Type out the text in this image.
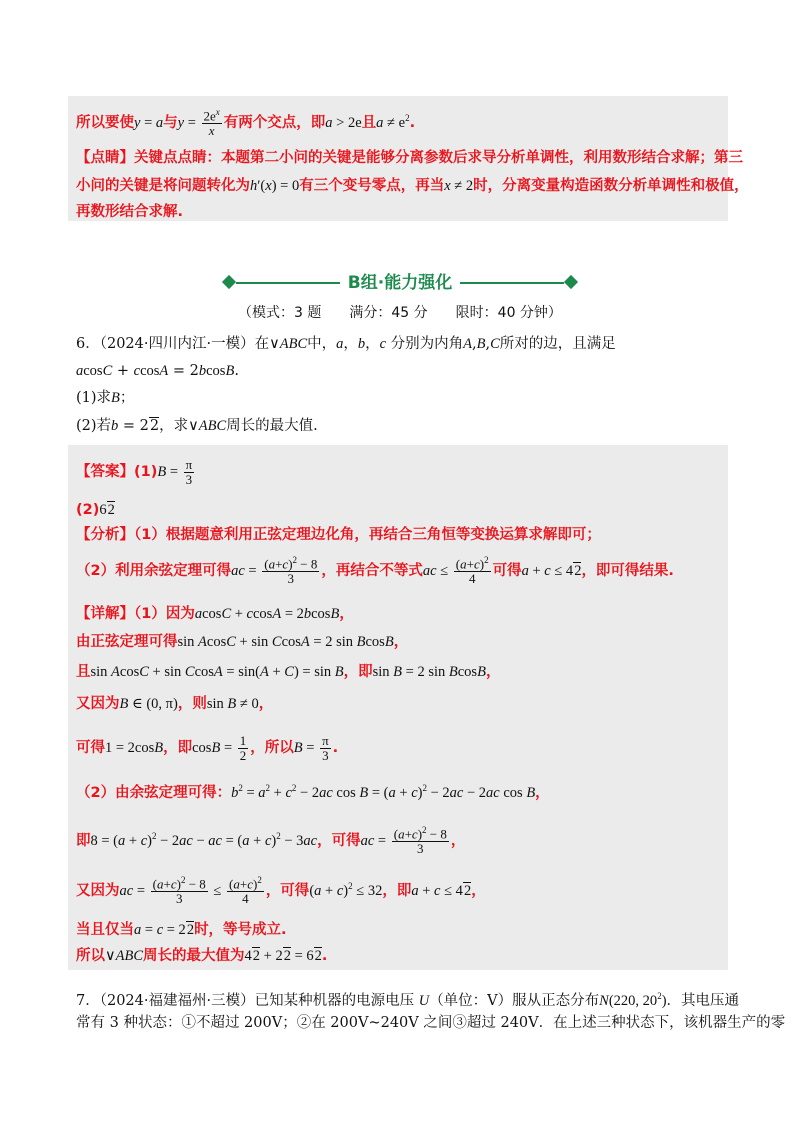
所以要使y = a与$y = \frac{2e^x}{x}$ 有两个交点，即a > 2e且$a \ne e^2$.
【点睛】关键点点睛：本题第二小问的关键是能够分离参数后求导分析单调性，利用数形结合求解；第三
小问的关键是将问题转化为h′(x) = 0有三个变号零点，再当x ≠ 2时，分离变量构造函数分析单调性和极值，
再数形结合求解.
B组·能力强化
（模式：3 题　　满分：45 分　　限时：40 分钟）
6．（2024·四川内江·一模）在∨ABC中，a，b，c 分别为内角A,B,C所对的边，且满足
acosC + ccosA = 2bcosB.
(1)求B；
(2)若b = 22，求∨ABC周长的最大值.
【答案】$(1)B = \frac{\pi}{3}$
(2)62
【分析】（1）根据题意利用正弦定理边化角，再结合三角恒等变换运算求解即可；
（2）利用余弦定理可得ac = $\frac{(a+c)^2 - 8}{3}$ ，再结合不等式ac ≤ $\frac{(a+c)^2}{4}$ 可得a + c ≤ 42，即可得结果.
【详解】（1）因为acosC + ccosA = 2bcosB，
由正弦定理可得sin AcosC + sin CcosA = 2 sin BcosB，
且sin AcosC + sin CcosA = sin(A + C) = sin B，即sin B = 2 sin BcosB，
又因为B ∈ (0, π)，则sin B ≠ 0，
可得1 = 2cosB，即$\cos B = \frac{1}{2}$ ，所以$B = \frac{\pi}{3}$ .
（2）由余弦定理可得：$b^2 = a^2 + c^2 - 2ac$ $\cos B = (a + c)^2 - 2ac - 2ac$ cos B，
即$8 = (a + c)^2 - 2ac$ − ac = $(a + c)^2 - 3ac$，可得ac = $\frac{(a+c)^2 - 8}{3}$ ，
又因为ac = $\frac{(a+c)^2 - 8}{3} \le \frac{(a+c)^2}{4}$ ，可得$(a + c)^2 \le 32$，即a + c ≤ 42，
当且仅当a = c = 22时，等号成立.
所以∨ABC周长的最大值为42 + 22 = 62.
7．（2024·福建福州·三模）已知某种机器的电源电压 U（单位：V）服从正态分布N(220, $20^2$)．其电压通
常有 3 种状态：①不超过 200V；②在 200V~240V 之间③超过 240V．在上述三种状态下，该机器生产的零
